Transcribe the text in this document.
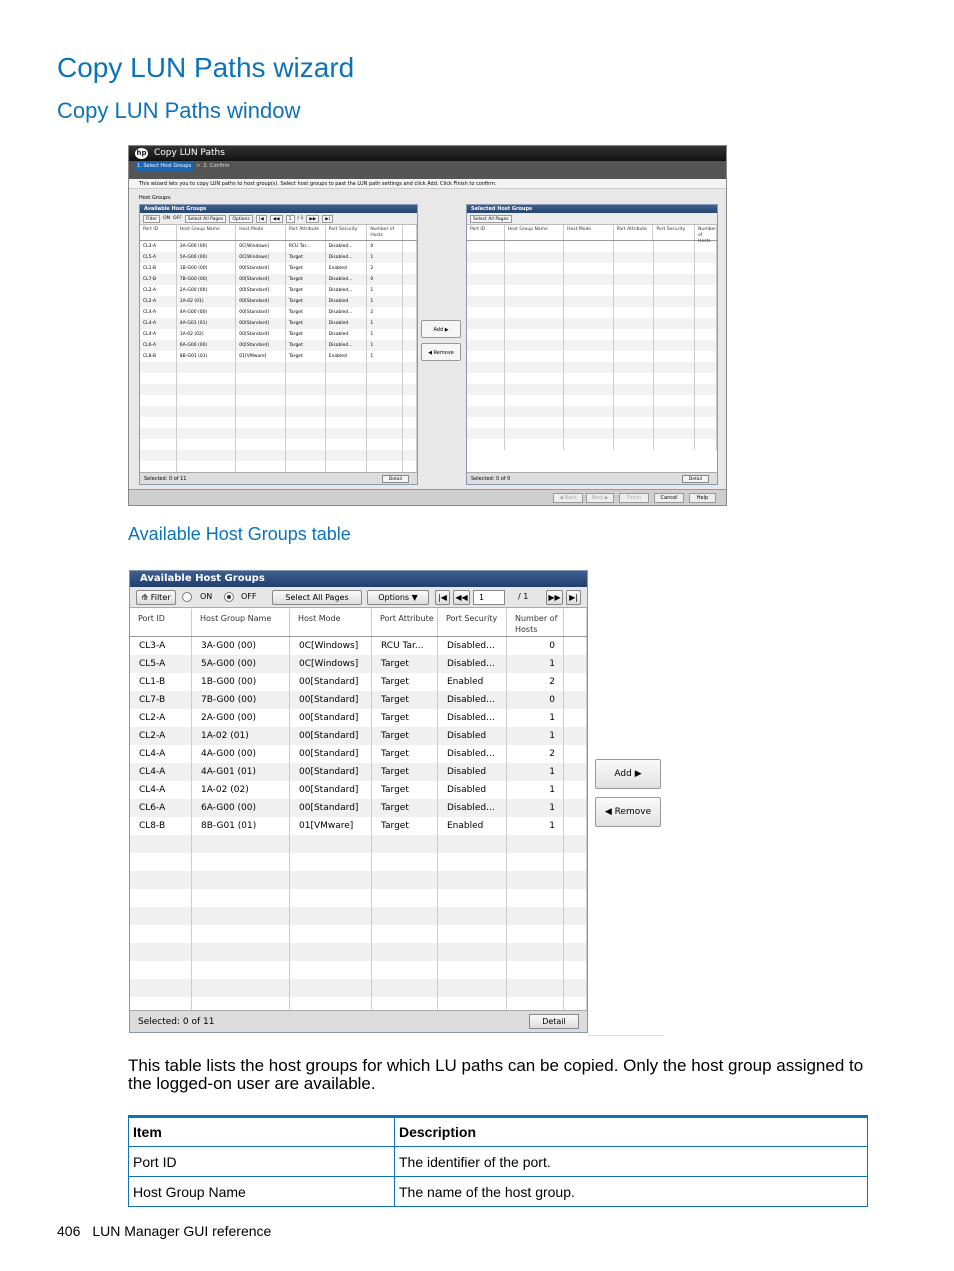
Copy LUN Paths wizard
Copy LUN Paths window
hp Copy LUN Paths
1. Select Host Groups	> 2. Confirm
This wizard lets you to copy LUN paths to host group(s). Select host groups to past the LUN path settings and click Add. Click Finish to confirm.
Host Groups:
Available Host Groups
Filter	ON OFF	Select All Pages	Options	|◀	◀◀	1	/ 1	▶▶	▶|
Port ID	Host Group Name	Host Mode	Port Attribute	Port Security	Number of Hosts
CL3-A	3A-G00 (00)	0C[Windows]	RCU Tar...	Disabled...	0
CL5-A	5A-G00 (00)	0C[Windows]	Target	Disabled...	1
CL1-B	1B-G00 (00)	00[Standard]	Target	Enabled	2
CL7-B	7B-G00 (00)	00[Standard]	Target	Disabled...	0
CL2-A	2A-G00 (00)	00[Standard]	Target	Disabled...	1
CL2-A	1A-02 (01)	00[Standard]	Target	Disabled	1
CL4-A	4A-G00 (00)	00[Standard]	Target	Disabled...	2
CL4-A	4A-G01 (01)	00[Standard]	Target	Disabled	1
CL4-A	1A-02 (02)	00[Standard]	Target	Disabled	1
CL6-A	6A-G00 (00)	00[Standard]	Target	Disabled...	1
CL8-B	8B-G01 (01)	01[VMware]	Target	Enabled	1
Selected: 0 of 11	Detail
Add ▶
◀ Remove
Selected Host Groups
Select All Pages
Port ID	Host Group Name	Host Mode	Port Attribute	Port Security	Number of Hosts
Selected: 0 of 0	Detail
◀ Back	Next ▶	Finish	Cancel	Help
Available Host Groups table
Available Host Groups
⟰ Filter	ON	OFF	Select All Pages	Options ▼	|◀	◀◀	1	/ 1	▶▶	▶|
Port ID	Host Group Name	Host Mode	Port Attribute	Port Security	Number of Hosts
CL3-A	3A-G00 (00)	0C[Windows]	RCU Tar...	Disabled...	0
CL5-A	5A-G00 (00)	0C[Windows]	Target	Disabled...	1
CL1-B	1B-G00 (00)	00[Standard]	Target	Enabled	2
CL7-B	7B-G00 (00)	00[Standard]	Target	Disabled...	0
CL2-A	2A-G00 (00)	00[Standard]	Target	Disabled...	1
CL2-A	1A-02 (01)	00[Standard]	Target	Disabled	1
CL4-A	4A-G00 (00)	00[Standard]	Target	Disabled...	2
CL4-A	4A-G01 (01)	00[Standard]	Target	Disabled	1
CL4-A	1A-02 (02)	00[Standard]	Target	Disabled	1
CL6-A	6A-G00 (00)	00[Standard]	Target	Disabled...	1
CL8-B	8B-G01 (01)	01[VMware]	Target	Enabled	1
Selected: 0 of 11	Detail
Add ▶
◀ Remove
This table lists the host groups for which LU paths can be copied. Only the host group assigned to the logged-on user are available.
Item	Description
Port ID	The identifier of the port.
Host Group Name	The name of the host group.
406 LUN Manager GUI reference
